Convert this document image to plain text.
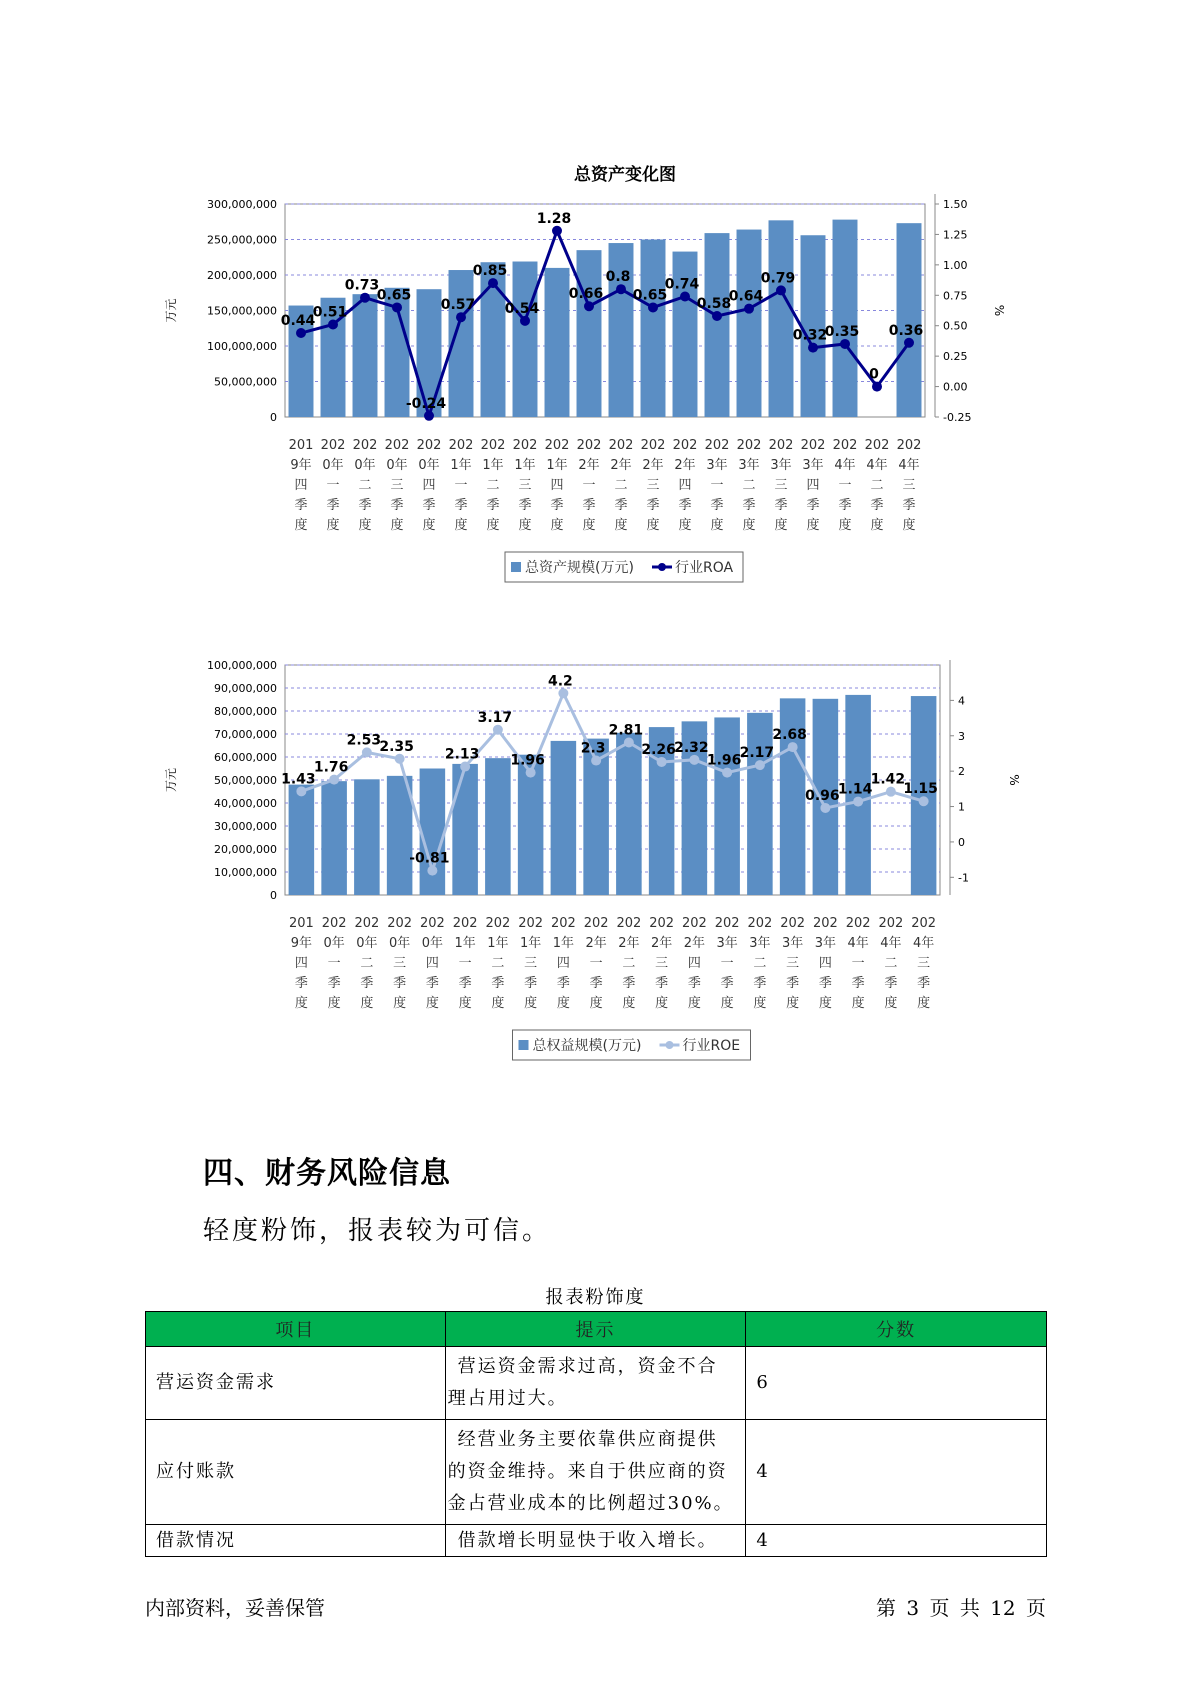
总资产变化图
0
50,000,000
100,000,000
150,000,000
200,000,000
250,000,000
300,000,000
万元
-0.25
0.00
0.25
0.50
0.75
1.00
1.25
1.50
%
201 202 202 202 202 202 202 202 202 202 202 202 202 202 202 202 202 202 202 202
9年 0年 0年 0年 0年 1年 1年 1年 1年 2年 2年 2年 2年 3年 3年 3年 3年 4年 4年 4年
四 一 二 三 四 一 二 三 四 一 二 三 四 一 二 三 四 一 二 三
季 季 季 季 季 季 季 季 季 季 季 季 季 季 季 季 季 季 季 季
度 度 度 度 度 度 度 度 度 度 度 度 度 度 度 度 度 度 度 度
0.44
0.51
0.73
0.65
-0.24
0.57
0.85
0.54
1.28
0.66
0.8
0.65
0.74
0.58
0.64
0.79
0.32
0.35
0
0.36
总资产规模(万元)	行业ROA
0
10,000,000
20,000,000
30,000,000
40,000,000
50,000,000
60,000,000
70,000,000
80,000,000
90,000,000
100,000,000
万元
-1
0
1
2
3
4
%
201 202 202 202 202 202 202 202 202 202 202 202 202 202 202 202 202 202 202 202
9年 0年 0年 0年 0年 1年 1年 1年 1年 2年 2年 2年 2年 3年 3年 3年 3年 4年 4年 4年
四 一 二 三 四 一 二 三 四 一 二 三 四 一 二 三 四 一 二 三
季 季 季 季 季 季 季 季 季 季 季 季 季 季 季 季 季 季 季 季
度 度 度 度 度 度 度 度 度 度 度 度 度 度 度 度 度 度 度 度
1.43
1.76
2.53
2.35
-0.81
2.13
3.17
1.96
4.2
2.3
2.81
2.26
2.32
1.96
2.17
2.68
0.96
1.14
1.42
1.15
总权益规模(万元)	行业ROE
四、财务风险信息
轻度粉饰，报表较为可信。
报表粉饰度
项目	提示	分数
营运资金需求	营运资金需求过高，资金不合理占用过大。	6
应付账款	经营业务主要依靠供应商提供的资金维持。来自于供应商的资金占营业成本的比例超过30%。	4
借款情况	借款增长明显快于收入增长。	4
内部资料，妥善保管	第 3 页 共 12 页
